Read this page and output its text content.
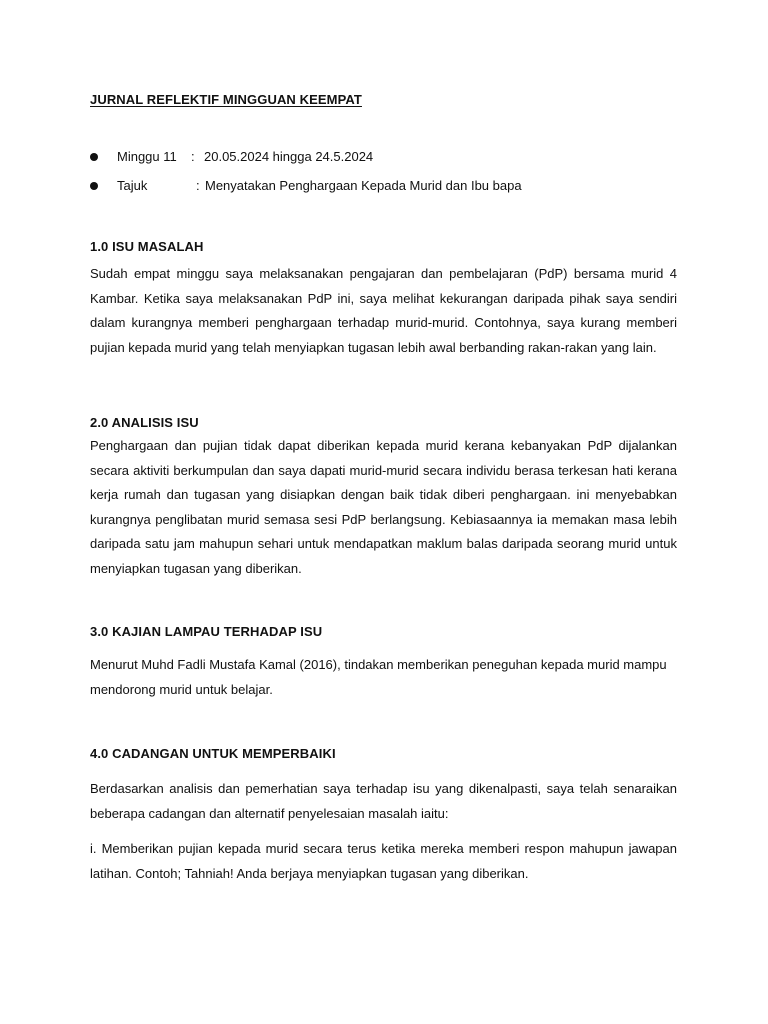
JURNAL REFLEKTIF MINGGUAN KEEMPAT
Minggu 11 : 20.05.2024 hingga 24.5.2024
Tajuk	: Menyatakan Penghargaan Kepada Murid dan Ibu bapa
1.0 ISU MASALAH

Sudah empat minggu saya melaksanakan pengajaran dan pembelajaran (PdP) bersama murid 4 Kambar. Ketika saya melaksanakan PdP ini, saya melihat kekurangan daripada pihak saya sendiri dalam kurangnya memberi penghargaan terhadap murid-murid. Contohnya, saya kurang memberi pujian kepada murid yang telah menyiapkan tugasan lebih awal berbanding rakan-rakan yang lain.

2.0 ANALISIS ISU

Penghargaan dan pujian tidak dapat diberikan kepada murid kerana kebanyakan PdP dijalankan secara aktiviti berkumpulan dan saya dapati murid-murid secara individu berasa terkesan hati kerana kerja rumah dan tugasan yang disiapkan dengan baik tidak diberi penghargaan. ini menyebabkan kurangnya penglibatan murid semasa sesi PdP berlangsung. Kebiasaannya ia memakan masa lebih daripada satu jam mahupun sehari untuk mendapatkan maklum balas daripada seorang murid untuk menyiapkan tugasan yang diberikan.

3.0 KAJIAN LAMPAU TERHADAP ISU

Menurut Muhd Fadli Mustafa Kamal (2016), tindakan memberikan peneguhan kepada murid mampu mendorong murid untuk belajar.

4.0 CADANGAN UNTUK MEMPERBAIKI

Berdasarkan analisis dan pemerhatian saya terhadap isu yang dikenalpasti, saya telah senaraikan beberapa cadangan dan alternatif penyelesaian masalah iaitu:

i. Memberikan pujian kepada murid secara terus ketika mereka memberi respon mahupun jawapan latihan. Contoh; Tahniah! Anda berjaya menyiapkan tugasan yang diberikan.
